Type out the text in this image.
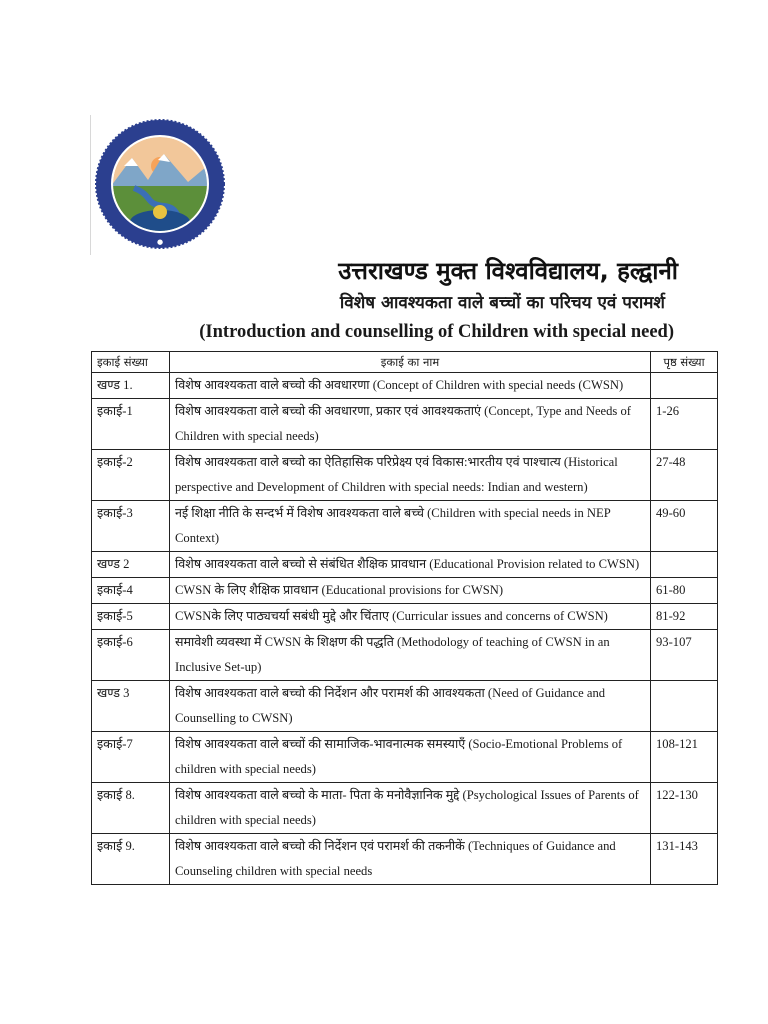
●
उत्तराखण्ड मुक्त विश्वविद्यालय, हल्द्वानी
विशेष आवश्यकता वाले बच्चों का परिचय एवं परामर्श
(Introduction and counselling of Children with special need)
इकाई संख्या	इकाई का नाम	पृष्ठ संख्या
खण्ड 1.	विशेष आवश्यकता वाले बच्चो की अवधारणा (Concept of Children with special needs (CWSN)	
इकाई-1	विशेष आवश्यकता वाले बच्चो की अवधारणा, प्रकार एवं आवश्यकताएं (Concept, Type and Needs of Children with special needs)	1-26
इकाई-2	विशेष आवश्यकता वाले बच्चो का ऐतिहासिक परिप्रेक्ष्य एवं विकास:भारतीय एवं पाश्चात्य (Historical perspective and Development of Children with special needs: Indian and western)	27-48
इकाई-3	नई शिक्षा नीति के सन्दर्भ में विशेष आवश्यकता वाले बच्चे (Children with special needs in NEP Context)	49-60
खण्ड 2	विशेष आवश्यकता वाले बच्चो से संबंधित शैक्षिक प्रावधान (Educational Provision related to CWSN)	
इकाई-4	CWSN के लिए शैक्षिक प्रावधान (Educational provisions for CWSN)	61-80
इकाई-5	CWSNके लिए पाठ्यचर्या सबंधी मुद्दे और चिंताए (Curricular issues and concerns of CWSN)	81-92
इकाई-6	समावेशी व्यवस्था में CWSN के शिक्षण की पद्धति (Methodology of teaching of CWSN in an Inclusive Set-up)	93-107
खण्ड 3	विशेष आवश्यकता वाले बच्चो की निर्देशन और परामर्श की आवश्यकता (Need of Guidance and Counselling to CWSN)	
इकाई-7	विशेष आवश्यकता वाले बच्चों की सामाजिक-भावनात्मक समस्याएँ (Socio-Emotional Problems of children with special needs)	108-121
इकाई 8.	विशेष आवश्यकता वाले बच्चो के माता- पिता के मनोवैज्ञानिक मुद्दे (Psychological Issues of Parents of children with special needs)	122-130
इकाई 9.	विशेष आवश्यकता वाले बच्चो की निर्देशन एवं परामर्श की तकनीकें (Techniques of Guidance and Counseling children with special needs	131-143
